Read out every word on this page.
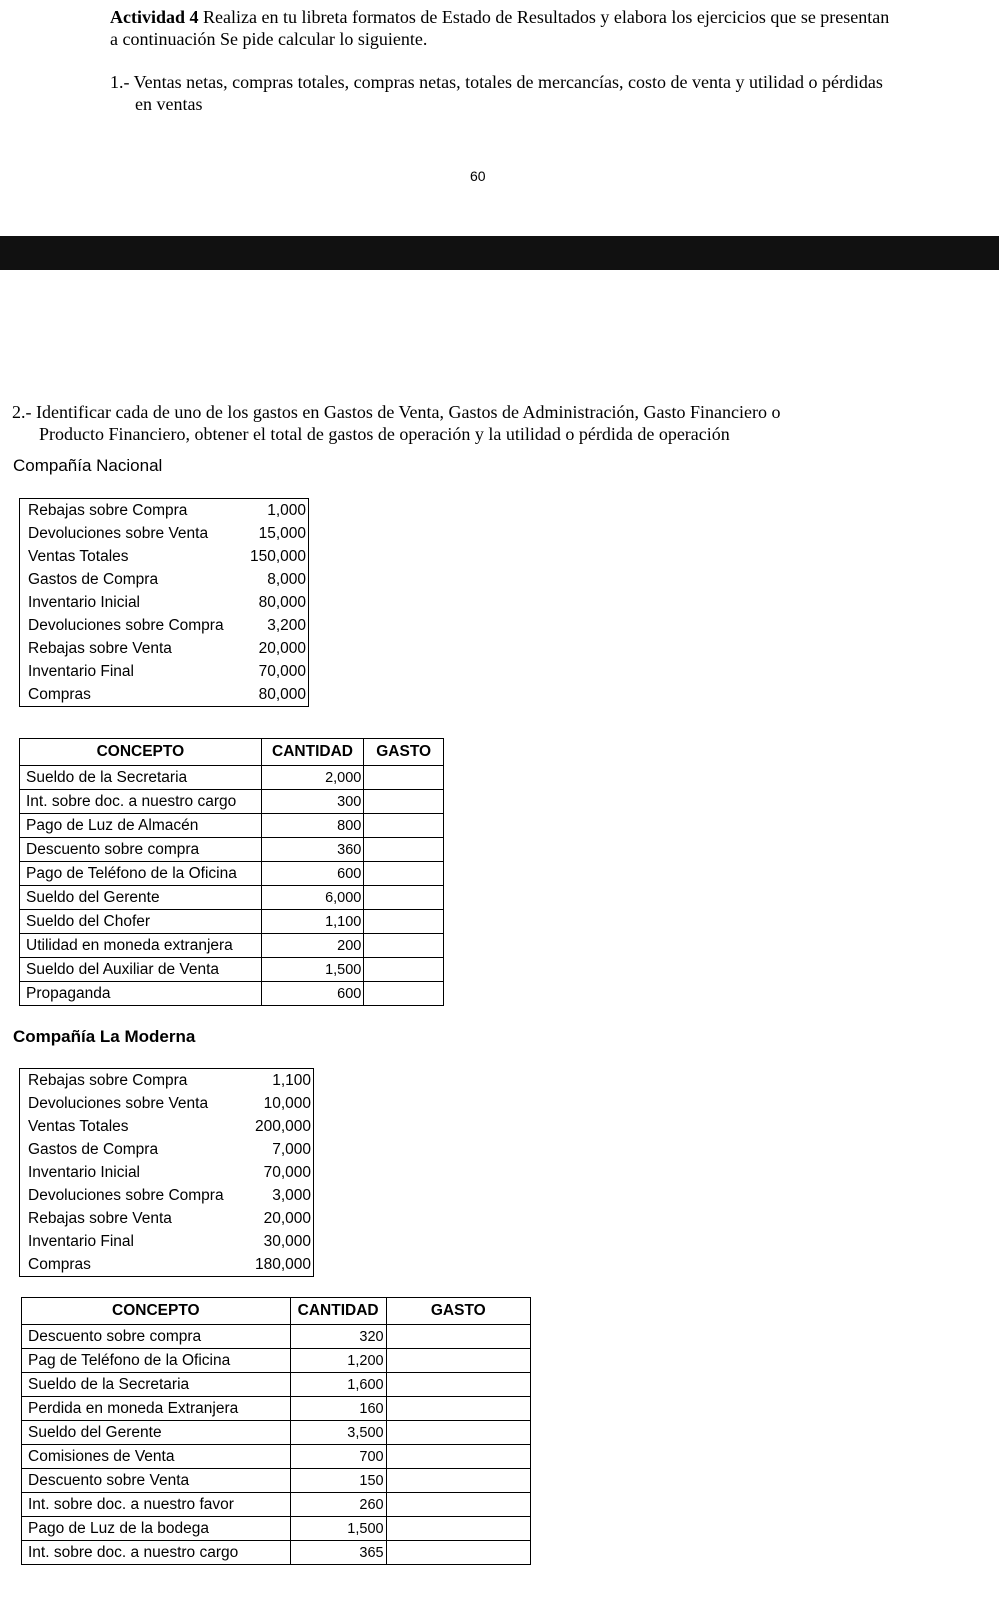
Actividad 4 Realiza en tu libreta formatos de Estado de Resultados y elabora los ejercicios que se presentan
a continuación Se pide calcular lo siguiente.
1.- Ventas netas, compras totales, compras netas, totales de mercancías, costo de venta y utilidad o pérdidas
en ventas
60
2.- Identificar cada de uno de los gastos en Gastos de Venta, Gastos de Administración, Gasto Financiero o
Producto Financiero, obtener el total de gastos de operación y la utilidad o pérdida de operación
Compañía Nacional
Rebajas sobre Compra	1,000
Devoluciones sobre Venta	15,000
Ventas Totales	150,000
Gastos de Compra	8,000
Inventario Inicial	80,000
Devoluciones sobre Compra	3,200
Rebajas sobre Venta	20,000
Inventario Final	70,000
Compras	80,000
CONCEPTO	CANTIDAD	GASTO
Sueldo de la Secretaria	2,000	
Int. sobre doc. a nuestro cargo	300	
Pago de Luz de Almacén	800	
Descuento sobre compra	360	
Pago de Teléfono de la Oficina	600	
Sueldo del Gerente	6,000	
Sueldo del Chofer	1,100	
Utilidad en moneda extranjera	200	
Sueldo del Auxiliar de Venta	1,500	
Propaganda	600	
Compañía La Moderna
Rebajas sobre Compra	1,100
Devoluciones sobre Venta	10,000
Ventas Totales	200,000
Gastos de Compra	7,000
Inventario Inicial	70,000
Devoluciones sobre Compra	3,000
Rebajas sobre Venta	20,000
Inventario Final	30,000
Compras	180,000
CONCEPTO	CANTIDAD	GASTO
Descuento sobre compra	320	
Pag de Teléfono de la Oficina	1,200	
Sueldo de la Secretaria	1,600	
Perdida en moneda Extranjera	160	
Sueldo del Gerente	3,500	
Comisiones de Venta	700	
Descuento sobre Venta	150	
Int. sobre doc. a nuestro favor	260	
Pago de Luz de la bodega	1,500	
Int. sobre doc. a nuestro cargo	365	
